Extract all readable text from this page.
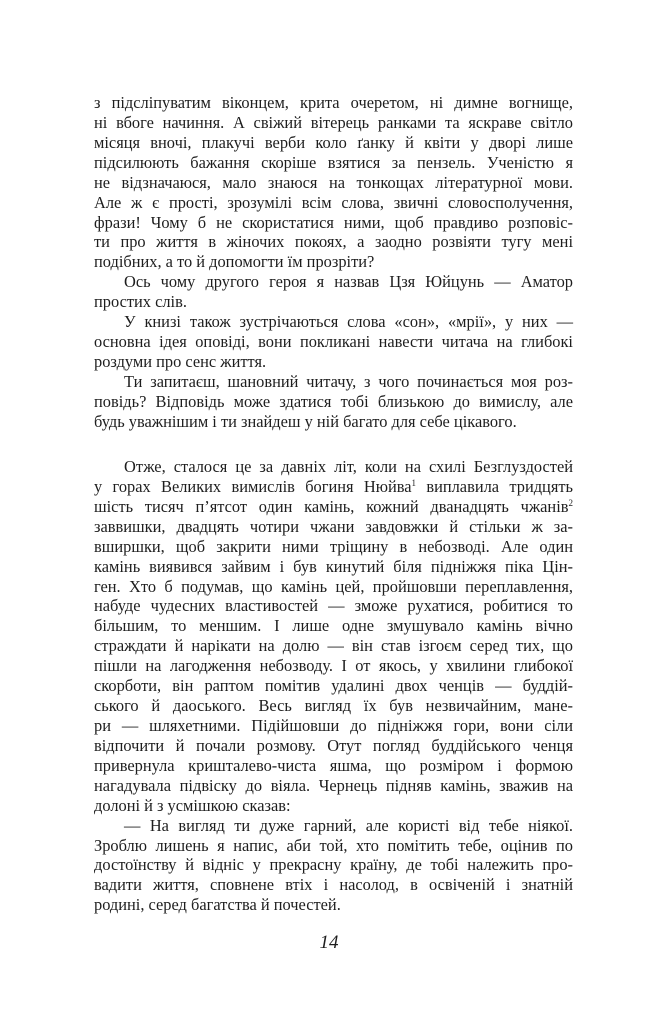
з підсліпуватим віконцем, крита очеретом, ні димне вогнище,
ні вбоге начиння. А свіжий вітерець ранками та яскраве світло
місяця вночі, плакучі верби коло ґанку й квіти у дворі лише
підсилюють бажання скоріше взятися за пензель. Ученістю я
не відзначаюся, мало знаюся на тонкощах літературної мови.
Але ж є прості, зрозумілі всім слова, звичні словосполучення,
фрази! Чому б не скористатися ними, щоб правдиво розповіс-
ти про життя в жіночих покоях, а заодно розвіяти тугу мені
подібних, а то й допомогти їм прозріти?
Ось чому другого героя я назвав Цзя Юйцунь — Аматор
простих слів.
У книзі також зустрічаються слова «сон», «мрії», у них —
основна ідея оповіді, вони покликані навести читача на глибокі
роздуми про сенс життя.
Ти запитаєш, шановний читачу, з чого починається моя роз-
повідь? Відповідь може здатися тобі близькою до вимислу, але
будь уважнішим і ти знайдеш у ній багато для себе цікавого.
Отже, сталося це за давніх літ, коли на схилі Безглуздостей
у горах Великих вимислів богиня Нюйва$^1$ виплавила тридцять
шість тисяч п’ятсот один камінь, кожний дванадцять чжанів$^2$
заввишки, двадцять чотири чжани завдовжки й стільки ж за-
вширшки, щоб закрити ними тріщину в небозводі. Але один
камінь виявився зайвим і був кинутий біля підніжжя піка Цін-
ген. Хто б подумав, що камінь цей, пройшовши переплавлення,
набуде чудесних властивостей — зможе рухатися, робитися то
більшим, то меншим. І лише одне змушувало камінь вічно
страждати й нарікати на долю — він став ізгоєм серед тих, що
пішли на лагодження небозводу. І от якось, у хвилини глибокої
скорботи, він раптом помітив удалині двох ченців — буддій-
ського й даоського. Весь вигляд їх був незвичайним, мане-
ри — шляхетними. Підійшовши до підніжжя гори, вони сіли
відпочити й почали розмову. Отут погляд буддійського ченця
привернула кришталево-чиста яшма, що розміром і формою
нагадувала підвіску до віяла. Чернець підняв камінь, зважив на
долоні й з усмішкою сказав:
— На вигляд ти дуже гарний, але користі від тебе ніякої.
Зроблю лишень я напис, аби той, хто помітить тебе, оцінив по
достоїнству й відніс у прекрасну країну, де тобі належить про-
вадити життя, сповнене втіх і насолод, в освіченій і знатній
родині, серед багатства й почестей.
14
